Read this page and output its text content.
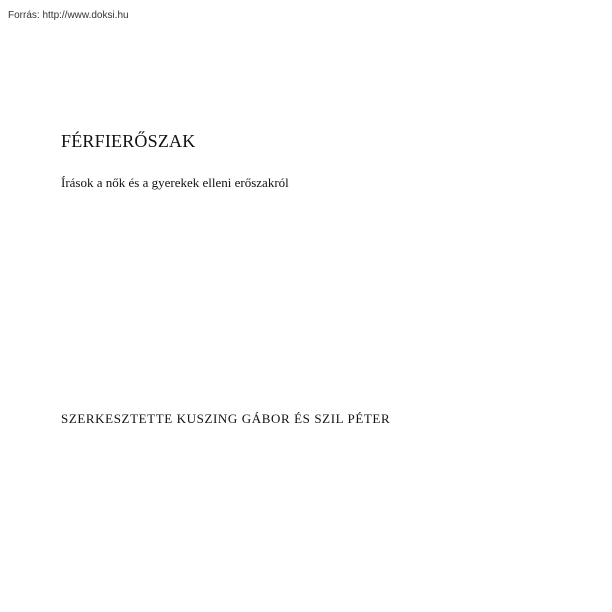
Forrás: http://www.doksi.hu
FÉRFIERŐSZAK
Írások a nők és a gyerekek elleni erőszakról
SZERKESZTETTE KUSZING GÁBOR ÉS SZIL PÉTER
